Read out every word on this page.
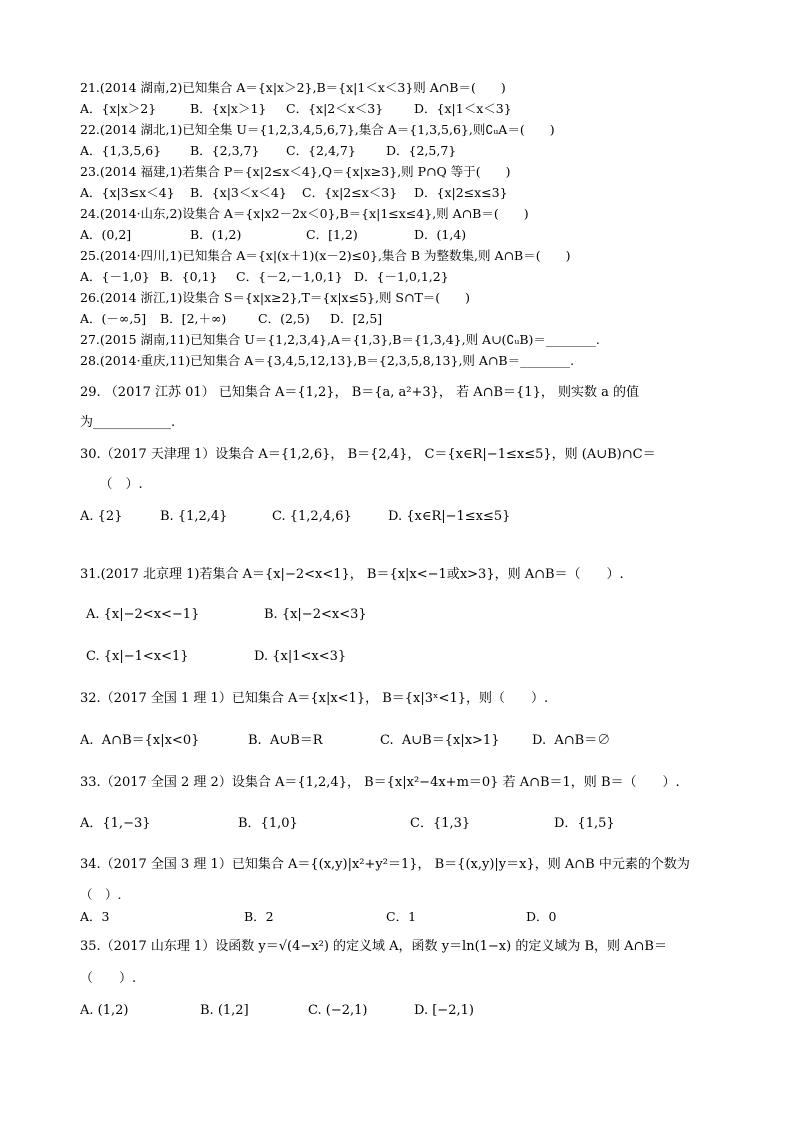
21.(2014 湖南,2)已知集合 A＝{x|x＞2},B＝{x|1＜x＜3}则 A∩B＝(　　)
A．{x|x＞2}	B．{x|x＞1} C．{x|2＜x＜3} D．{x|1＜x＜3}
22.(2014 湖北,1)已知全集 U＝{1,2,3,4,5,6,7},集合 A＝{1,3,5,6},则∁ᵤA＝(　　)
A．{1,3,5,6} B．{2,3,7} C．{2,4,7} D．{2,5,7}
23.(2014 福建,1)若集合 P＝{x|2≤x＜4},Q＝{x|x≥3},则 P∩Q 等于(　　)
A．{x|3≤x＜4} B．{x|3＜x＜4} C．{x|2≤x＜3} D．{x|2≤x≤3}
24.(2014·山东,2)设集合 A＝{x|x2－2x＜0},B＝{x|1≤x≤4},则 A∩B＝(　　)
A．(0,2]	B．(1,2)	C．[1,2)	D．(1,4)
25.(2014·四川,1)已知集合 A＝{x|(x＋1)(x－2)≤0},集合 B 为整数集,则 A∩B＝(　　)
A．{－1,0} B．{0,1} C．{－2,－1,0,1} D．{－1,0,1,2}
26.(2014 浙江,1)设集合 S＝{x|x≥2},T＝{x|x≤5},则 S∩T＝(　　)
A．(－∞,5] B．[2,＋∞)	C．(2,5) D．[2,5]
27.(2015 湖南,11)已知集合 U＝{1,2,3,4},A＝{1,3},B＝{1,3,4},则 A∪(∁ᵤB)＝________.
28.(2014·重庆,11)已知集合 A＝{3,4,5,12,13},B＝{2,3,5,8,13},则 A∩B＝________.
29. （2017 江苏 01） 已知集合 A＝{1,2}， B＝{a, a²+3}， 若 A∩B＝{1}， 则实数 a 的值
为____________.
30.（2017 天津理 1）设集合 A＝{1,2,6}， B＝{2,4}， C＝{x∈R|−1≤x≤5}，则 (A∪B)∩C＝
　　（　）.
A. {2}	B. {1,2,4}	C. {1,2,4,6}	D. {x∈R|−1≤x≤5}
31.(2017 北京理 1)若集合 A＝{x|−2<x<1}， B＝{x|x<−1或x>3}，则 A∩B＝（　　）.
A. {x|−2<x<−1}	B. {x|−2<x<3}
C. {x|−1<x<1}	D. {x|1<x<3}
32.（2017 全国 1 理 1）已知集合 A＝{x|x<1}， B＝{x|3ˣ<1}，则（　　）.
A.  A∩B＝{x|x<0}	B.  A∪B＝R	C.  A∪B＝{x|x>1}	D.  A∩B＝∅
33.（2017 全国 2 理 2）设集合 A＝{1,2,4}， B＝{x|x²−4x+m＝0} 若 A∩B＝1，则 B＝（　　）.
A．{1,−3}	B．{1,0}	C．{1,3}	D．{1,5}
34.（2017 全国 3 理 1）已知集合 A＝{(x,y)|x²+y²＝1}， B＝{(x,y)|y＝x}，则 A∩B 中元素的个数为
（　）.
A．3	B．2	C．1	D．0
35.（2017 山东理 1）设函数 y＝√(4−x²) 的定义域 A，函数 y＝ln(1−x) 的定义域为 B，则 A∩B＝
（　　）.
A. (1,2)	B. (1,2]	C. (−2,1)	D. [−2,1)
